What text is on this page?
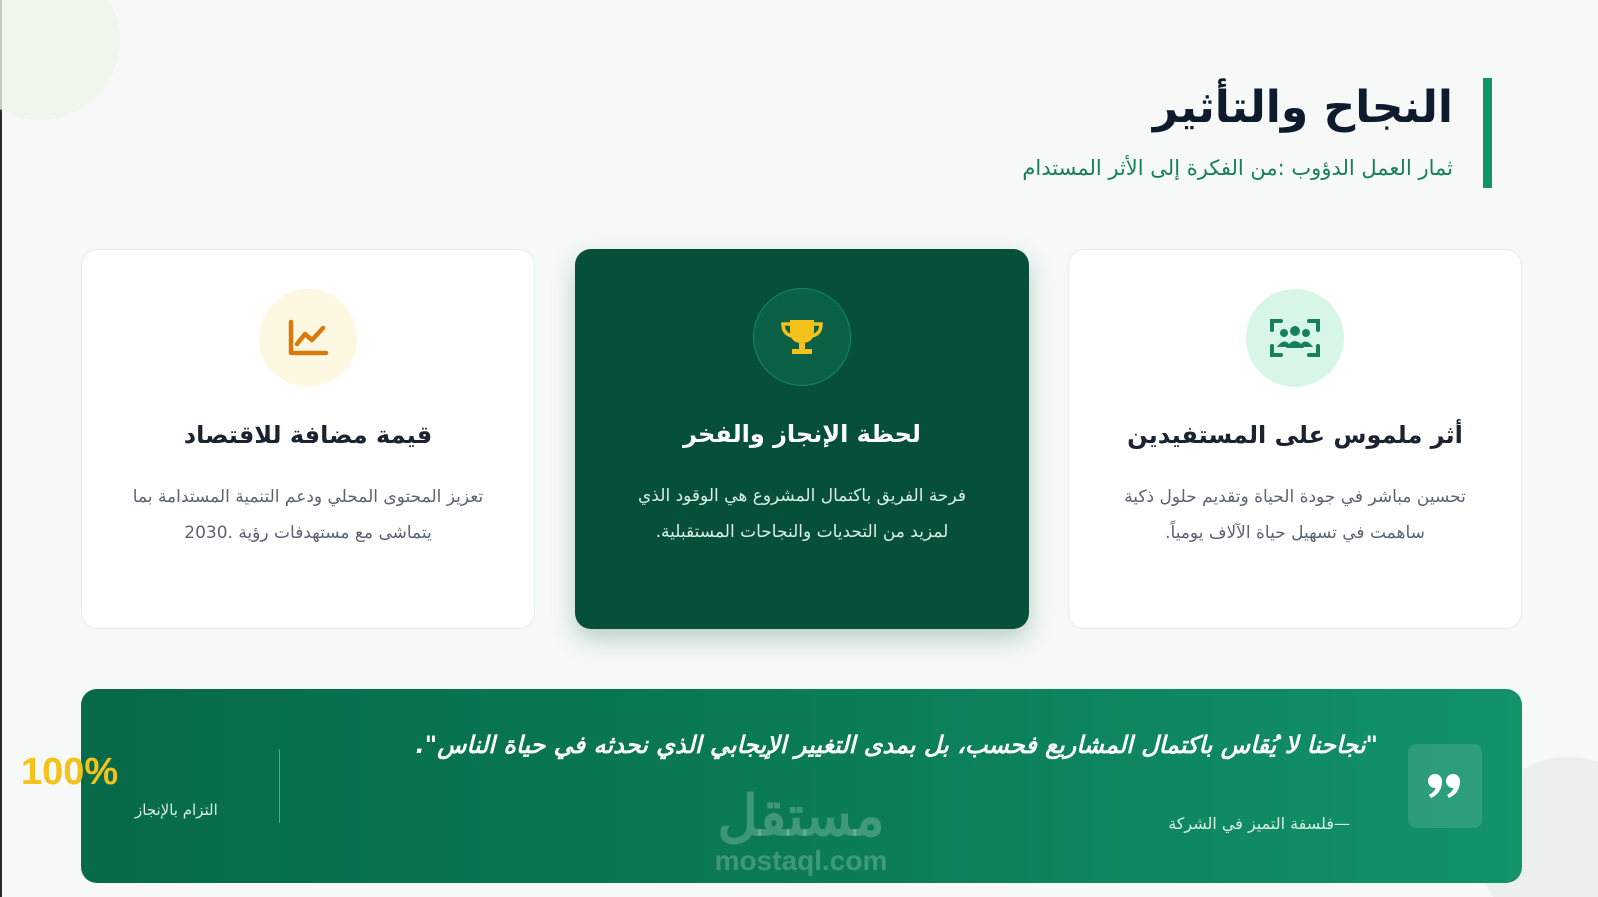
النجاح والتأثير
ثمار العمل الدؤوب :من الفكرة إلى الأثر المستدام
أثر ملموس على المستفيدين
تحسين مباشر في جودة الحياة وتقديم حلول ذكية ساهمت في تسهيل حياة الآلاف يومياً.
لحظة الإنجاز والفخر
فرحة الفريق باكتمال المشروع هي الوقود الذي لمزيد من التحديات والنجاحات المستقبلية.
قيمة مضافة للاقتصاد
تعزيز المحتوى المحلي ودعم التنمية المستدامة بما يتماشى مع مستهدفات رؤية .2030
"نجاحنا لا يُقاس باكتمال المشاريع فحسب، بل بمدى التغيير الإيجابي الذي نحدثه في حياة الناس".
—فلسفة التميز في الشركة
مستقل
mostaql.com
100%
التزام بالإنجاز
